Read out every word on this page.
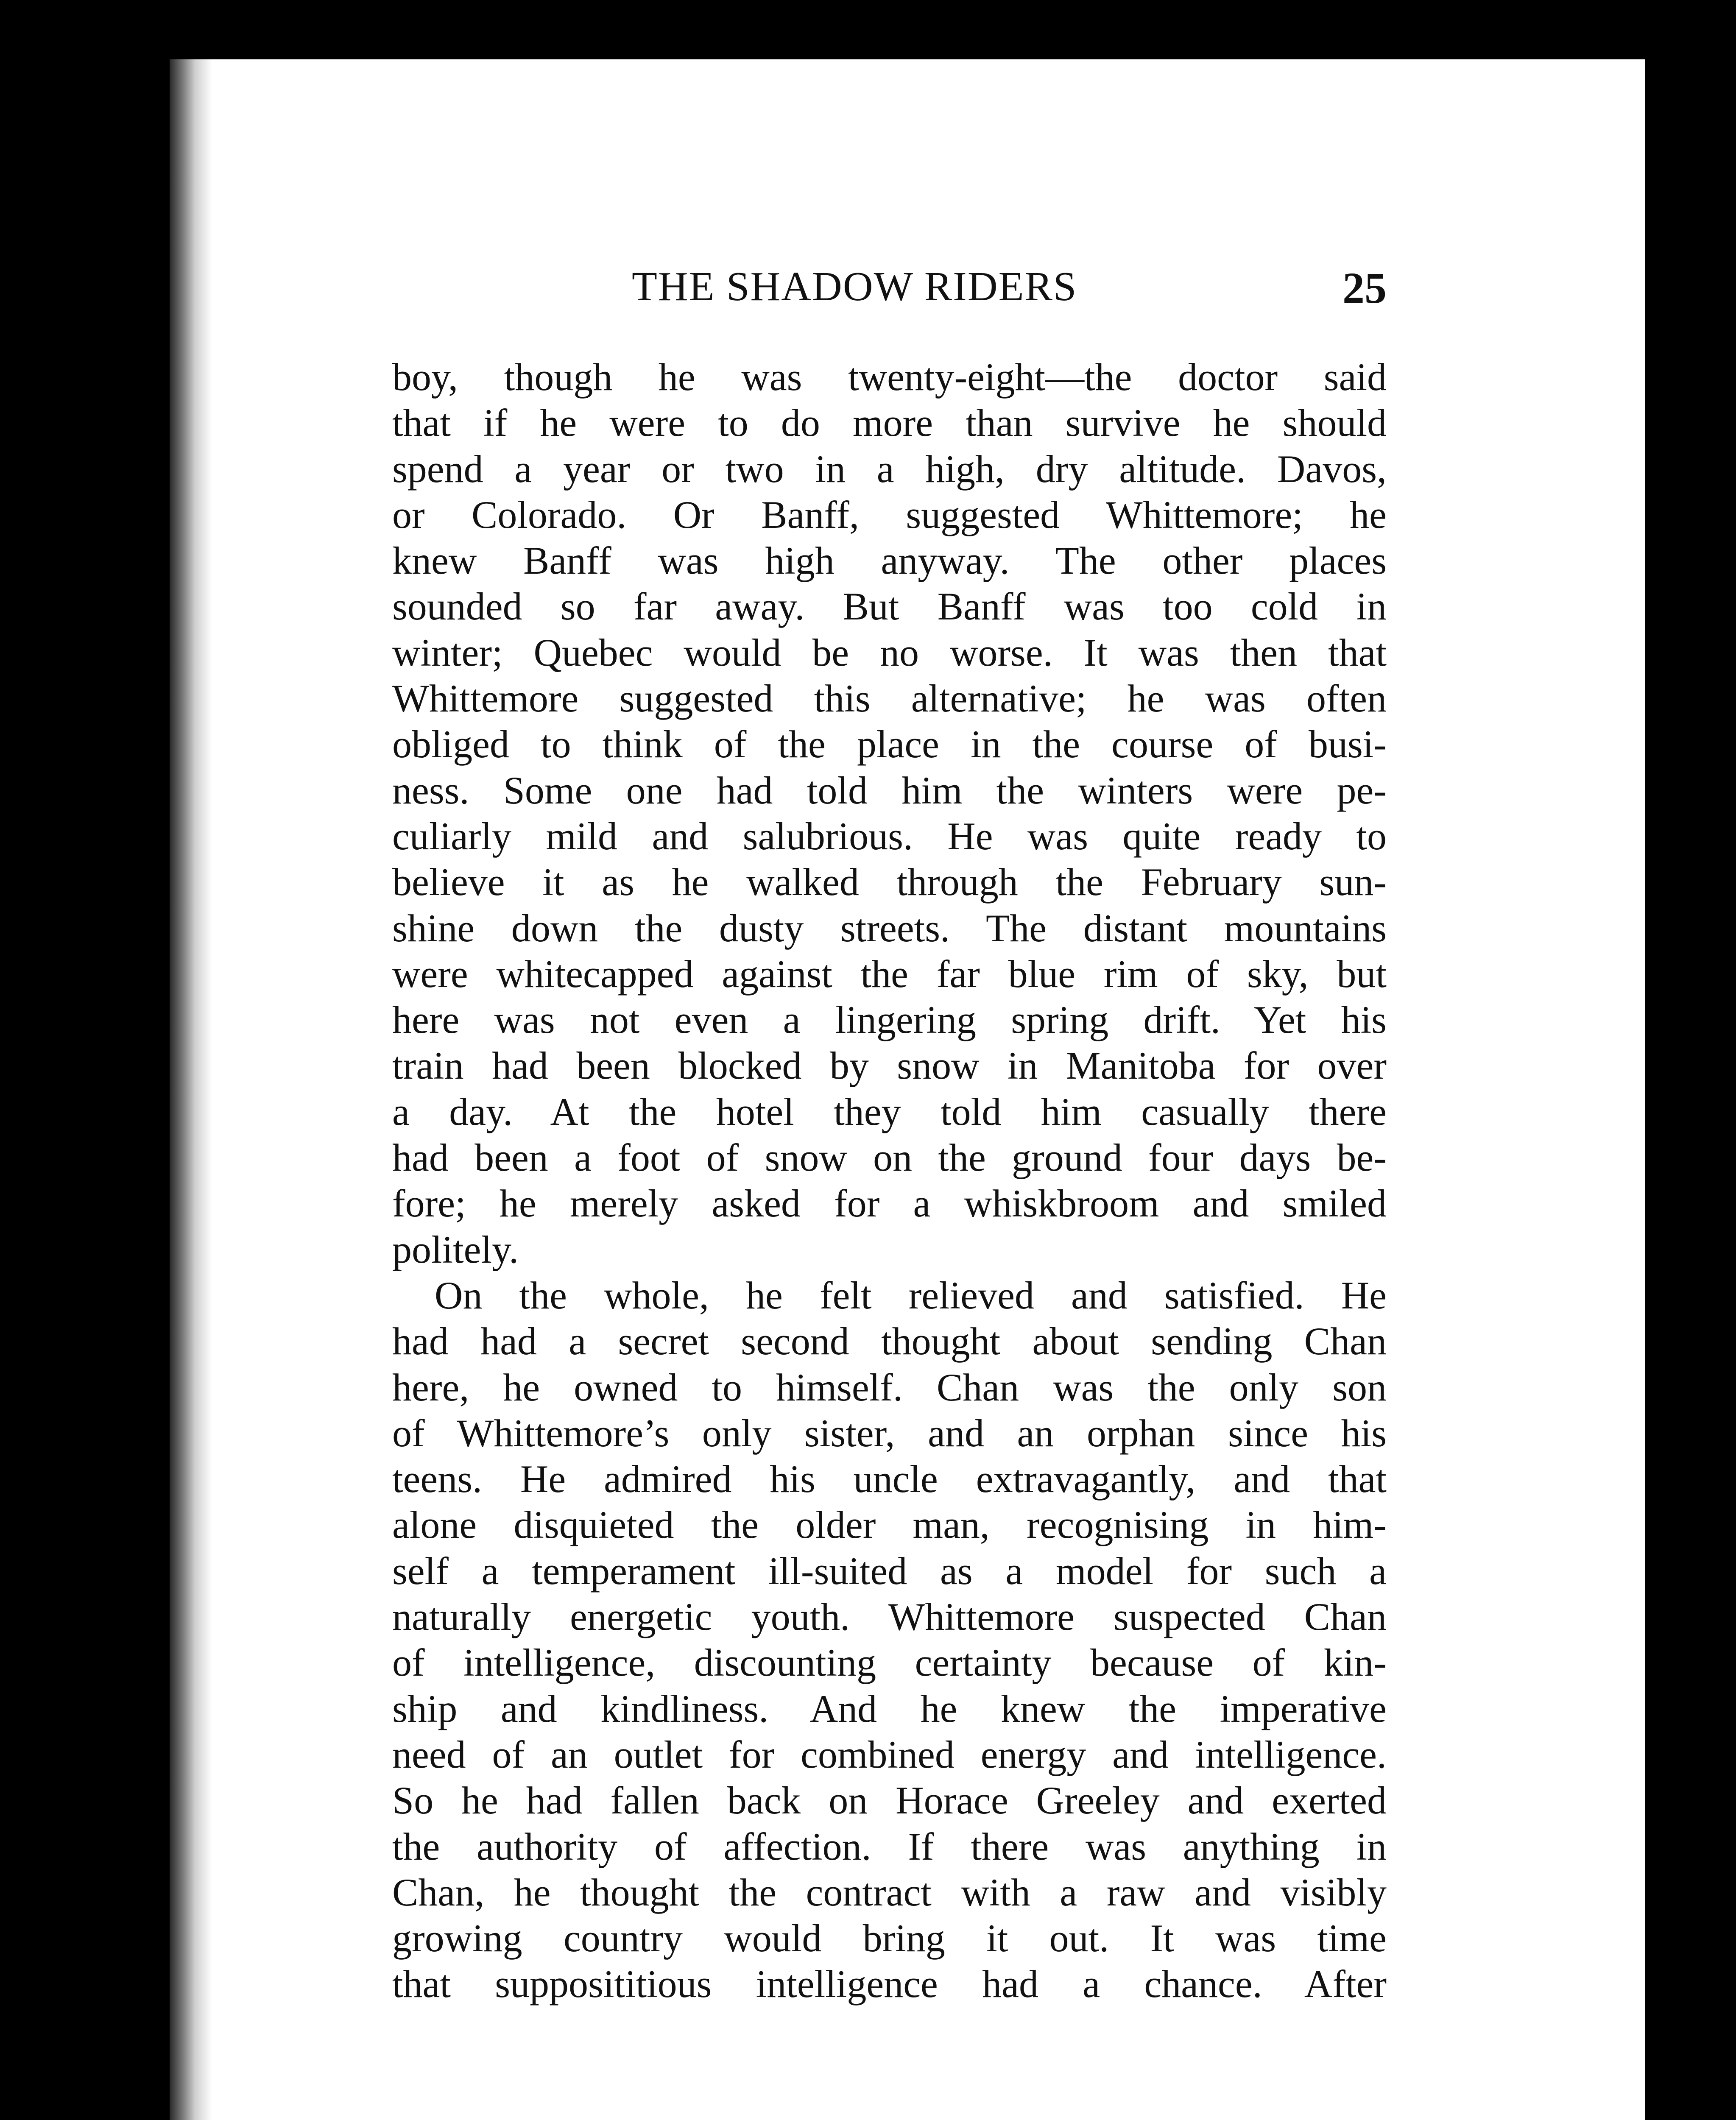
THE SHADOW RIDERS	25
boy, though he was twenty-eight—the doctor said
that if he were to do more than survive he should
spend a year or two in a high, dry altitude. Davos,
or Colorado. Or Banff, suggested Whittemore; he
knew Banff was high anyway. The other places
sounded so far away. But Banff was too cold in
winter; Quebec would be no worse. It was then that
Whittemore suggested this alternative; he was often
obliged to think of the place in the course of busi-
ness. Some one had told him the winters were pe-
culiarly mild and salubrious. He was quite ready to
believe it as he walked through the February sun-
shine down the dusty streets. The distant mountains
were whitecapped against the far blue rim of sky, but
here was not even a lingering spring drift. Yet his
train had been blocked by snow in Manitoba for over
a day. At the hotel they told him casually there
had been a foot of snow on the ground four days be-
fore; he merely asked for a whiskbroom and smiled
politely.
On the whole, he felt relieved and satisfied. He
had had a secret second thought about sending Chan
here, he owned to himself. Chan was the only son
of Whittemore’s only sister, and an orphan since his
teens. He admired his uncle extravagantly, and that
alone disquieted the older man, recognising in him-
self a temperament ill-suited as a model for such a
naturally energetic youth. Whittemore suspected Chan
of intelligence, discounting certainty because of kin-
ship and kindliness. And he knew the imperative
need of an outlet for combined energy and intelligence.
So he had fallen back on Horace Greeley and exerted
the authority of affection. If there was anything in
Chan, he thought the contract with a raw and visibly
growing country would bring it out. It was time
that supposititious intelligence had a chance. After
